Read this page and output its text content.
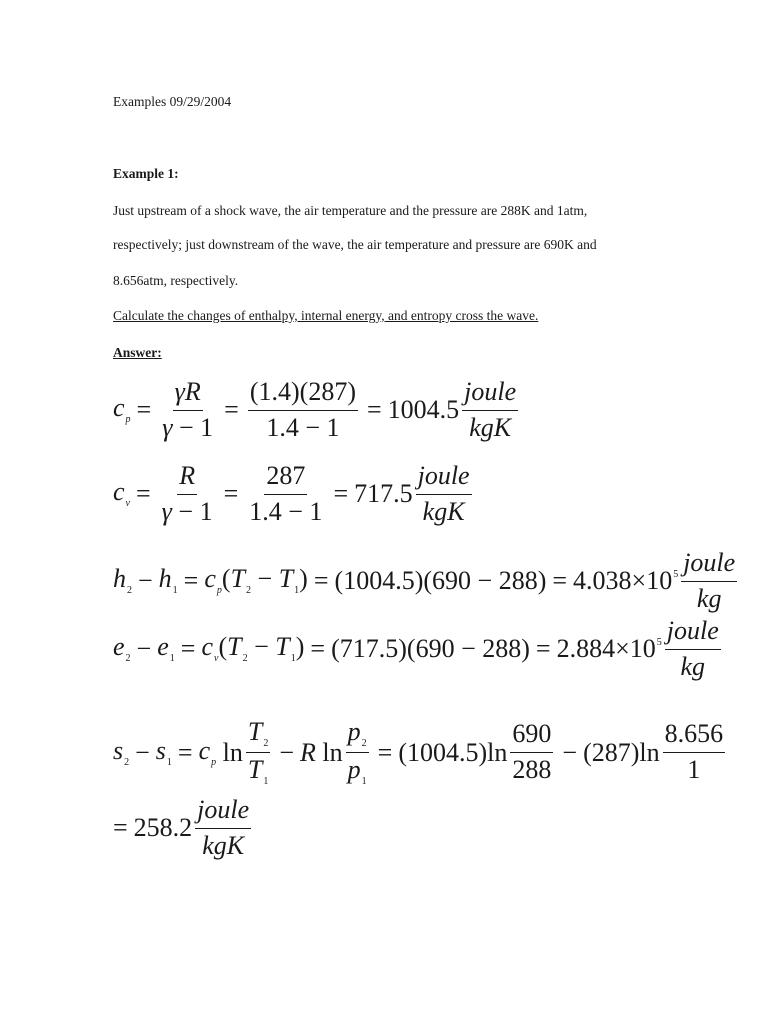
Examples 09/29/2004
Example 1:
Just upstream of a shock wave, the air temperature and the pressure are 288K and 1atm,
respectively; just downstream of the wave, the air temperature and pressure are 690K and
8.656atm, respectively.
Calculate the changes of enthalpy, internal energy, and entropy cross the wave.
Answer:
$c_p = \frac{\gamma R}{\gamma - 1} = \frac{(1.4)(287)}{1.4 - 1} = 1004.5 \frac{\text{joule}}{\text{kgK}}$
$c_v = \frac{R}{\gamma - 1} = \frac{287}{1.4 - 1} = 717.5 \frac{\text{joule}}{\text{kgK}}$
$h_2 - h_1 = c_p$ $(T_2 - T_1) = (1004.5)(690 - 288) = 4.038 \times 10^5 \frac{\text{joule}}{kg}$
$e_2 - e_1 = c_v$ $(T_2 - T_1) = (717.5)(690 - 288) = 2.884 \times 10^5 \frac{\text{joule}}{kg}$
$s_2 - s_1 = c_p$ $\ln \frac{T_2}{T_1} - R$ $\ln \frac{p_2}{p_1} = (1004.5)$ $\ln \frac{690}{288} - (287)$ $\ln \frac{8.656}{1}$
= $258.2 \frac{\text{joule}}{\text{kgK}}$
